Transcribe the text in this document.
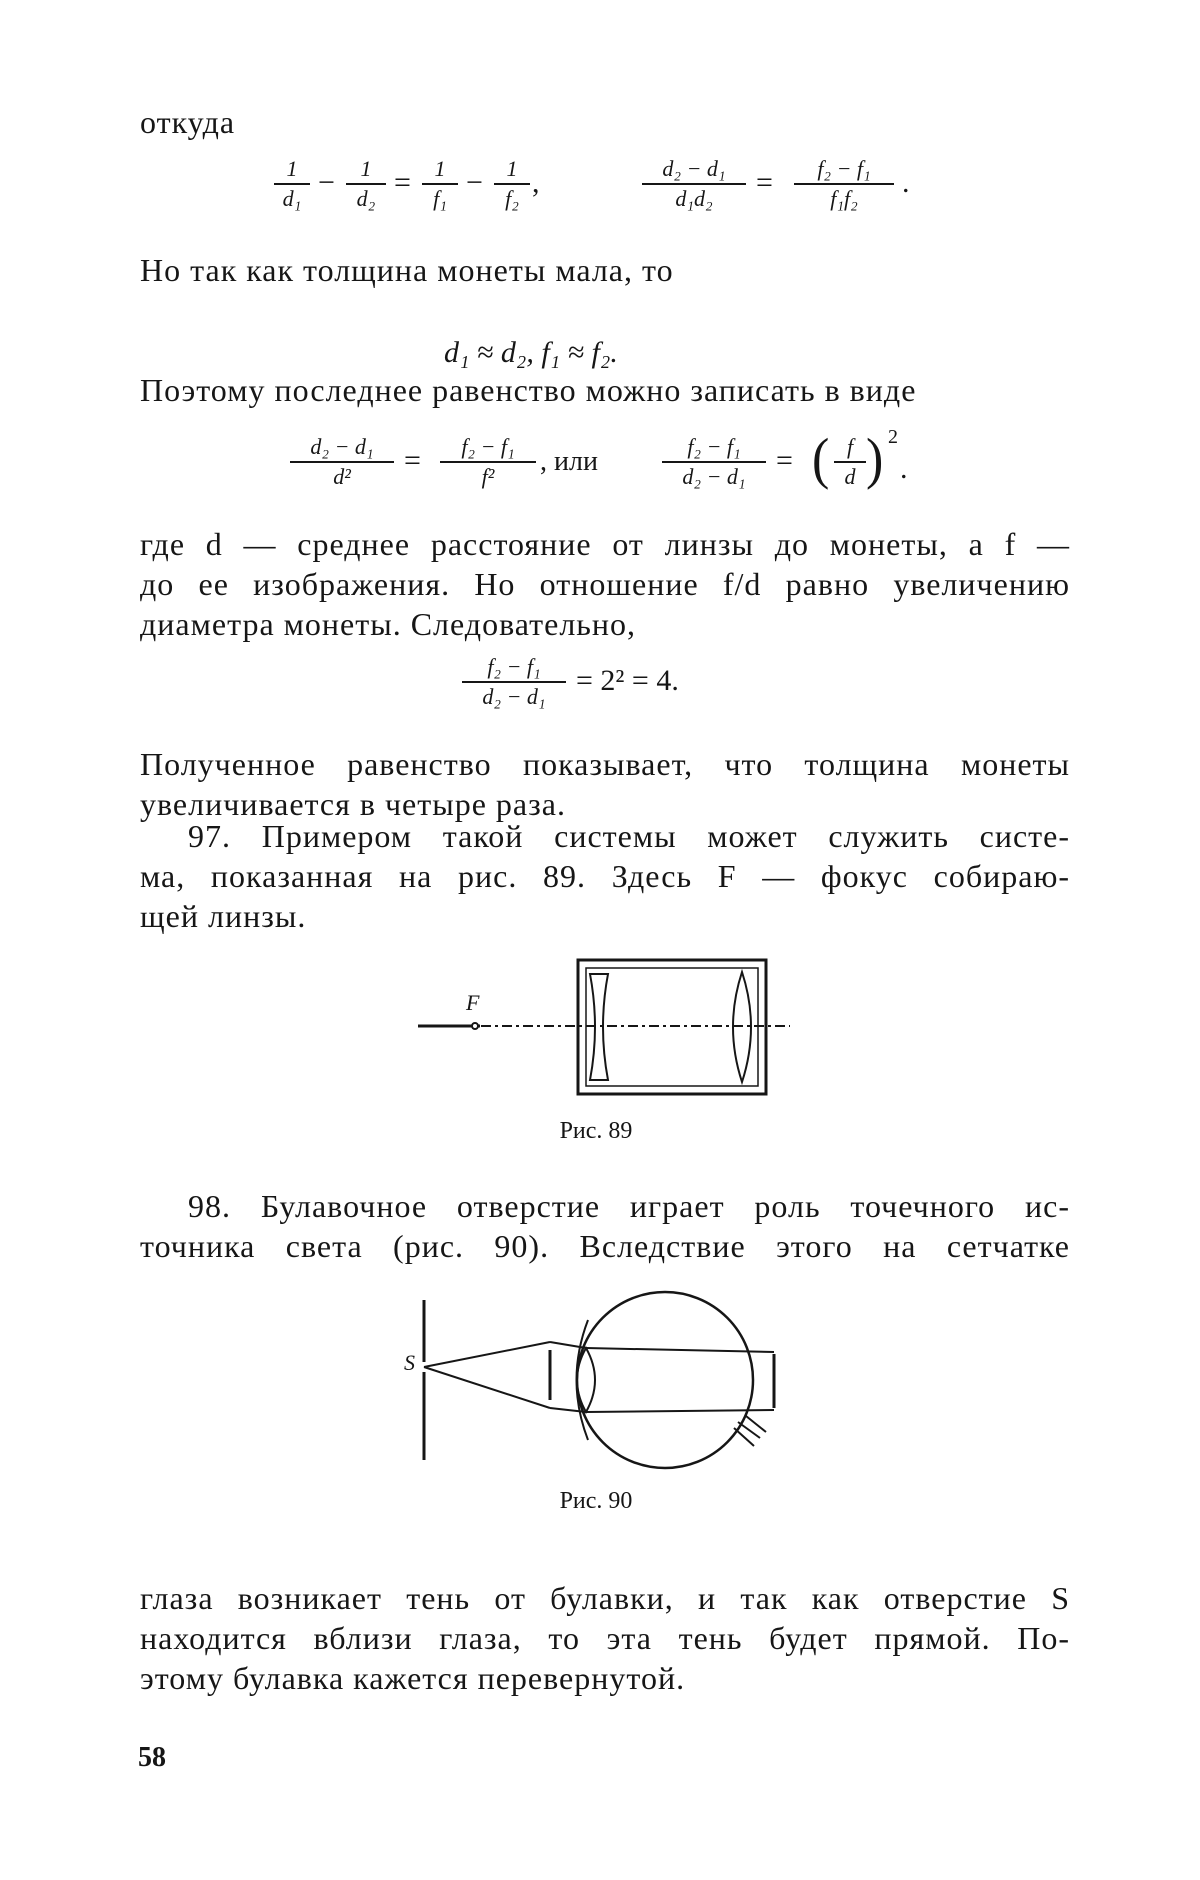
откуда
1
d₁ −	1
d₂ =	1
f₁ −	1
f₂ ,	d₂ − d₁
d₁d₂	=	f₂ − f₁
f₁f₂	.
Но так как толщина монеты мала, то
d₁ ≈ d₂, f₁ ≈ f₂.
Поэтому последнее равенство можно записать в виде
d₂ − d₁
d²	=	f₂ − f₁
f²	, или	f₂ − f₁
d₂ − d₁	= ( f
d ) 2
.
где d — среднее расстояние от линзы до монеты, а f —
до ее изображения. Но отношение f/d равно увеличению
диаметра монеты. Следовательно,
f₂ − f₁
d₂ − d₁	= 2² = 4.
Полученное равенство показывает, что толщина монеты
увеличивается в четыре раза.
97. Примером такой системы может служить систе-
ма, показанная на рис. 89. Здесь F — фокус собираю-
щей линзы.
F
Рис. 89
98. Булавочное отверстие играет роль точечного ис-
точника света (рис. 90). Вследствие этого на сетчатке
S
Рис. 90
глаза возникает тень от булавки, и так как отверстие S
находится вблизи глаза, то эта тень будет прямой. По-
этому булавка кажется перевернутой.
58
